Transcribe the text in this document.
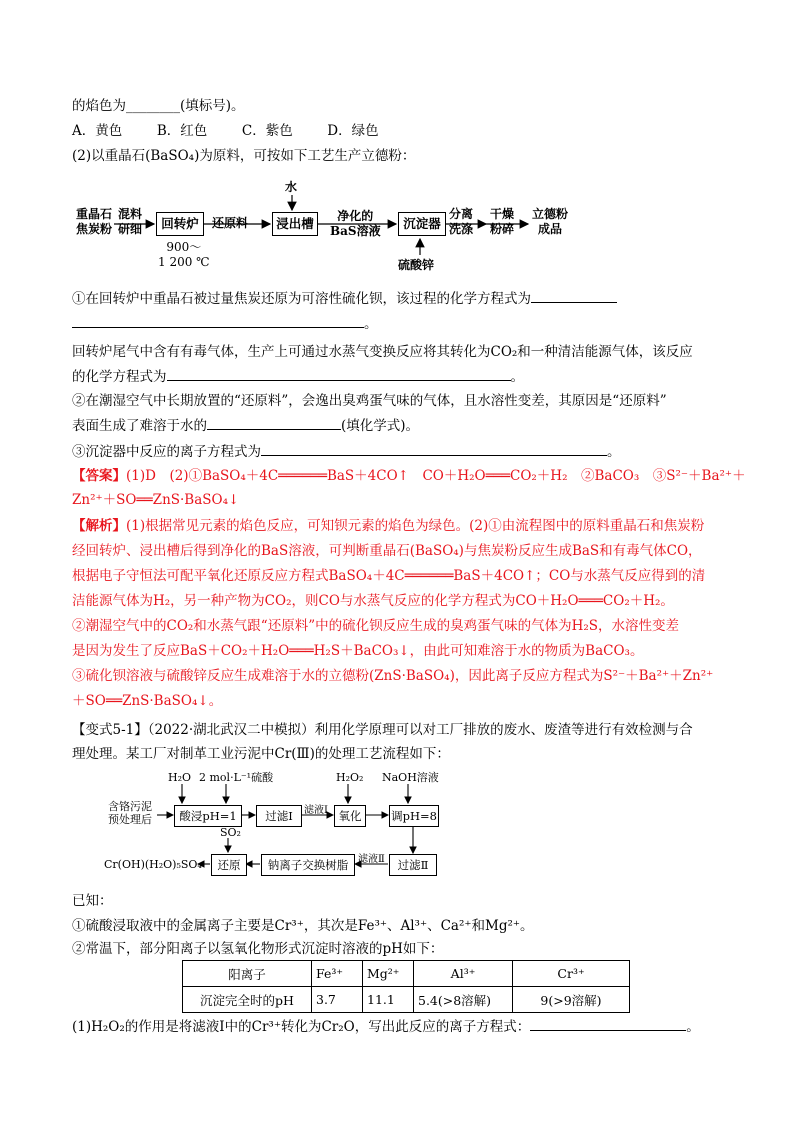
的焰色为________(填标号)。
A．黄色	B．红色	C．紫色	D．绿色
(2)以重晶石(BaSO₄)为原料，可按如下工艺生产立德粉：
重晶石
焦炭粉
混料
研细	回转炉
900～
1 200 ℃
还原料
水
浸出槽	净化的
BaS溶液	沉淀器
硫酸锌
分离
洗涤
干燥
粉碎
立德粉
成品
①在回转炉中重晶石被过量焦炭还原为可溶性硫化钡，该过程的化学方程式为
。
回转炉尾气中含有有毒气体，生产上可通过水蒸气变换反应将其转化为CO₂和一种清洁能源气体，该反应
的化学方程式为	。
②在潮湿空气中长期放置的“还原料”，会逸出臭鸡蛋气味的气体，且水溶性变差，其原因是“还原料”
表面生成了难溶于水的	(填化学式)。
③沉淀器中反应的离子方程式为	。
【答案】(1)D　(2)①BaSO₄＋4C══════BaS＋4CO↑　CO＋H₂O═══CO₂＋H₂　②BaCO₃　③S²⁻＋Ba²⁺＋
Zn²⁺＋SO══ZnS·BaSO₄↓
【解析】(1)根据常见元素的焰色反应，可知钡元素的焰色为绿色。(2)①由流程图中的原料重晶石和焦炭粉
经回转炉、浸出槽后得到净化的BaS溶液，可判断重晶石(BaSO₄)与焦炭粉反应生成BaS和有毒气体CO，
根据电子守恒法可配平氧化还原反应方程式BaSO₄＋4C══════BaS＋4CO↑；CO与水蒸气反应得到的清
洁能源气体为H₂，另一种产物为CO₂，则CO与水蒸气反应的化学方程式为CO＋H₂O═══CO₂＋H₂。
②潮湿空气中的CO₂和水蒸气跟“还原料”中的硫化钡反应生成的臭鸡蛋气味的气体为H₂S，水溶性变差
是因为发生了反应BaS＋CO₂＋H₂O═══H₂S＋BaCO₃↓，由此可知难溶于水的物质为BaCO₃。
③硫化钡溶液与硫酸锌反应生成难溶于水的立德粉(ZnS·BaSO₄)，因此离子反应方程式为S²⁻＋Ba²⁺＋Zn²⁺
＋SO══ZnS·BaSO₄↓。
【变式5-1】（2022·湖北武汉二中模拟）利用化学原理可以对工厂排放的废水、废渣等进行有效检测与合
理处理。某工厂对制革工业污泥中Cr(Ⅲ)的处理工艺流程如下：
含铬污泥
预处理后
H₂O 2 mol·L⁻¹硫酸
酸浸pH=1	过滤Ⅰ	滤液Ⅰ
H₂O₂
氧化
NaOH溶液
调pH=8
滤液Ⅱ	过滤Ⅱ
钠离子交换树脂
SO₂
还原
Cr(OH)(H₂O)₅SO₄
已知：
①硫酸浸取液中的金属离子主要是Cr³⁺，其次是Fe³⁺、Al³⁺、Ca²⁺和Mg²⁺。
②常温下，部分阳离子以氢氧化物形式沉淀时溶液的pH如下：
阳离子	Fe³⁺	Mg²⁺	Al³⁺	Cr³⁺
沉淀完全时的pH	3.7	11.1	5.4(>8溶解)	9(>9溶解)
(1)H₂O₂的作用是将滤液Ⅰ中的Cr³⁺转化为Cr₂O，写出此反应的离子方程式：	。
